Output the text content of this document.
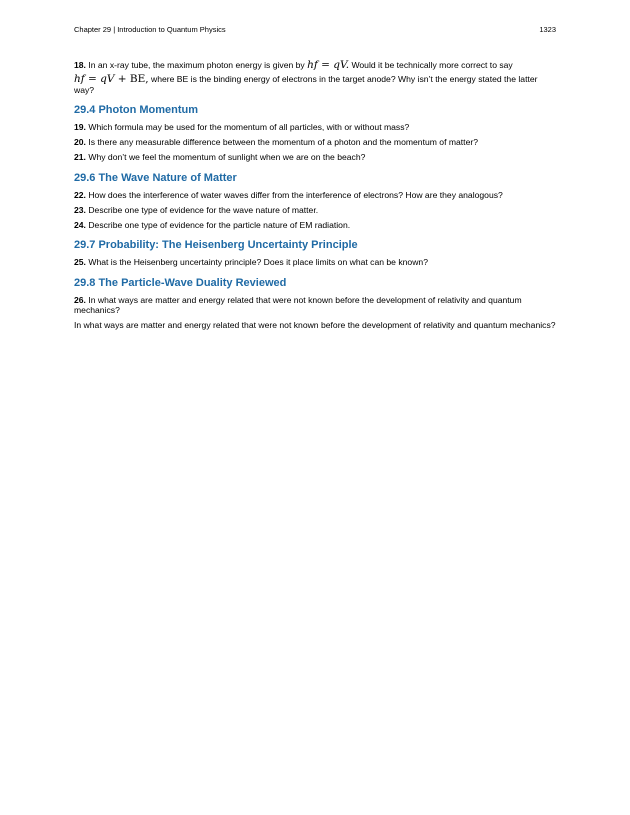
Chapter 29 | Introduction to Quantum Physics	1323

18. In an x-ray tube, the maximum photon energy is given by hf = qV. Would it be technically more correct to say

hf = qV + BE, where BE is the binding energy of electrons in the target anode? Why isn’t the energy stated the latter way?

29.4 Photon Momentum

19. Which formula may be used for the momentum of all particles, with or without mass?

20. Is there any measurable difference between the momentum of a photon and the momentum of matter?

21. Why don’t we feel the momentum of sunlight when we are on the beach?

29.6 The Wave Nature of Matter

22. How does the interference of water waves differ from the interference of electrons? How are they analogous?

23. Describe one type of evidence for the wave nature of matter.

24. Describe one type of evidence for the particle nature of EM radiation.

29.7 Probability: The Heisenberg Uncertainty Principle

25. What is the Heisenberg uncertainty principle? Does it place limits on what can be known?

29.8 The Particle-Wave Duality Reviewed

26. In what ways are matter and energy related that were not known before the development of relativity and quantum mechanics?

In what ways are matter and energy related that were not known before the development of relativity and quantum mechanics?
